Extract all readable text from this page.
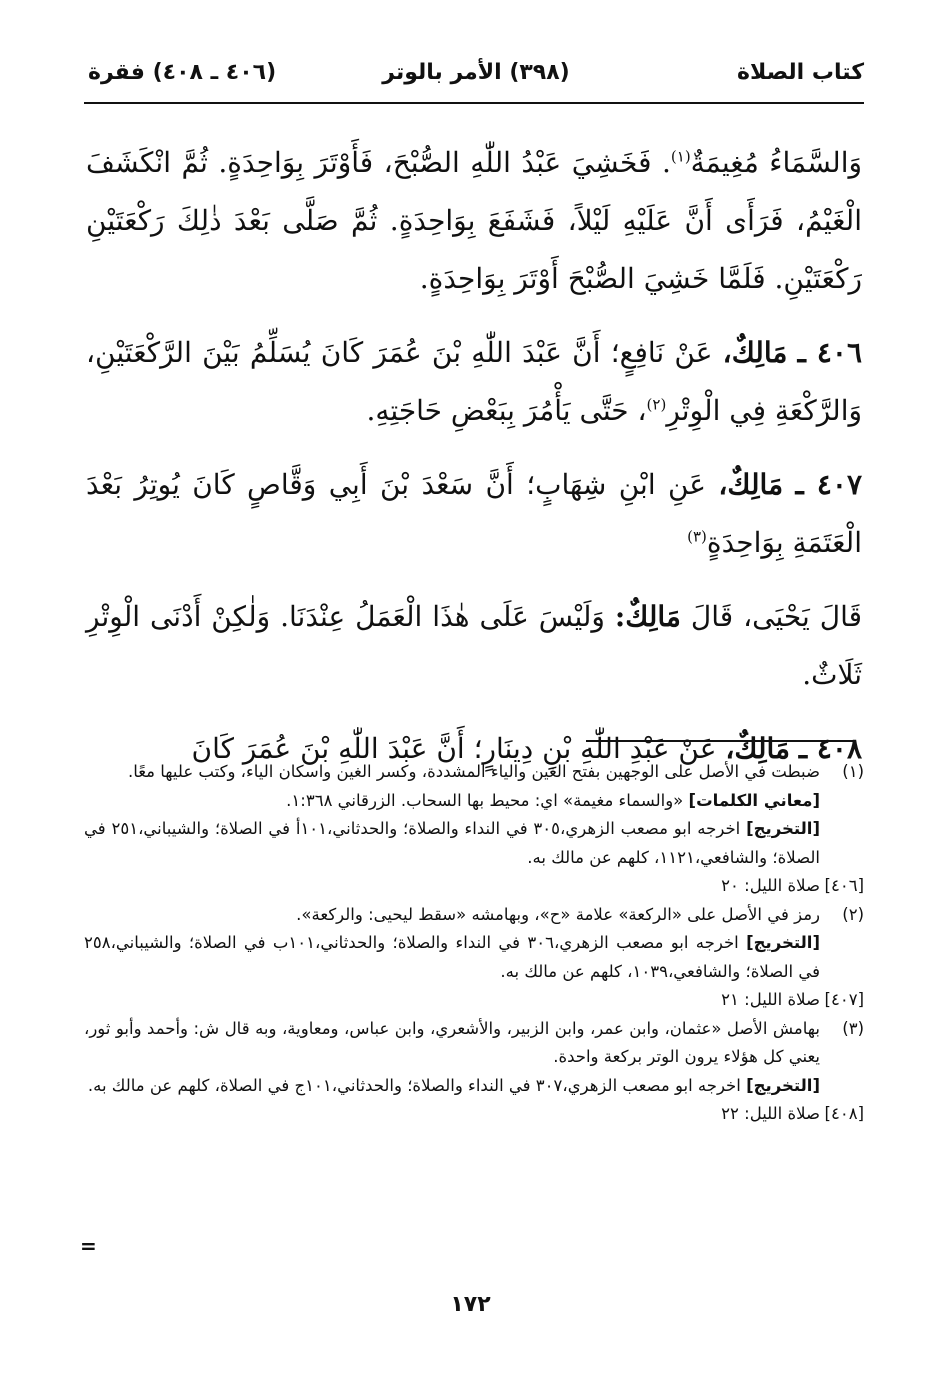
كتاب الصلاة
(٣٩٨) الأمر بالوتر
(٤٠٦ ـ ٤٠٨) فقرة

وَالسَّمَاءُ مُغِيمَةٌ$^{(١)}$. فَخَشِيَ عَبْدُ اللّٰهِ الصُّبْحَ، فَأَوْتَرَ بِوَاحِدَةٍ. ثُمَّ انْكَشَفَ الْغَيْمُ، فَرَأَى أَنَّ عَلَيْهِ لَيْلاً، فَشَفَعَ بِوَاحِدَةٍ. ثُمَّ صَلَّى بَعْدَ ذٰلِكَ رَكْعَتَيْنِ رَكْعَتَيْنِ. فَلَمَّا خَشِيَ الصُّبْحَ أَوْتَرَ بِوَاحِدَةٍ.

٤٠٦ ـ مَالِكٌ، عَنْ نَافِعٍ؛ أَنَّ عَبْدَ اللّٰهِ بْنَ عُمَرَ كَانَ يُسَلِّمُ بَيْنَ الرَّكْعَتَيْنِ، وَالرَّكْعَةِ فِي الْوِتْرِ$^{(٢)}$، حَتَّى يَأْمُرَ بِبَعْضِ حَاجَتِهِ.

٤٠٧ ـ مَالِكٌ، عَنِ ابْنِ شِهَابٍ؛ أَنَّ سَعْدَ بْنَ أَبِي وَقَّاصٍ كَانَ يُوتِرُ بَعْدَ الْعَتَمَةِ بِوَاحِدَةٍ$^{(٣)}$

قَالَ يَحْيَى، قَالَ مَالِكٌ: وَلَيْسَ عَلَى هٰذَا الْعَمَلُ عِنْدَنَا. وَلٰكِنْ أَدْنَى الْوِتْرِ ثَلَاثٌ.

٤٠٨ ـ مَالِكٌ، عَنْ عَبْدِ اللّٰهِ بْنِ دِينَارٍ؛ أَنَّ عَبْدَ اللّٰهِ بْنَ عُمَرَ كَانَ

(١)

ضبطت في الأصل على الوجهين بفتح الغين والياء المشددة، وكسر الغين واسكان الياء، وكتب عليها معًا.

[معاني الكلمات] «والسماء مغيمة» اي: محيط بها السحاب. الزرقاني ١:٣٦٨.

[التخريج] اخرجه ابو مصعب الزهري،٣٠٥ في النداء والصلاة؛ والحدثاني،١٠١أ في الصلاة؛ والشيباني،٢٥١ في الصلاة؛ والشافعي،١١٢١، كلهم عن مالك به.

[٤٠٦]
صلاة الليل: ٢٠
(٢)

رمز في الأصل على «الركعة» علامة «ح»، وبهامشه «سقط ليحيى: والركعة».

[التخريج] اخرجه ابو مصعب الزهري،٣٠٦ في النداء والصلاة؛ والحدثاني،١٠١ب في الصلاة؛ والشيباني،٢٥٨ في الصلاة؛ والشافعي،١٠٣٩، كلهم عن مالك به.

[٤٠٧]
صلاة الليل: ٢١
(٣)

بهامش الأصل «عثمان، وابن عمر، وابن الزبير، والأشعري، وابن عباس، ومعاوية، وبه قال ش: وأحمد وأبو ثور، يعني كل هؤلاء يرون الوتر بركعة واحدة.

[التخريج] اخرجه ابو مصعب الزهري،٣٠٧ في النداء والصلاة؛ والحدثاني،١٠١ج في الصلاة، كلهم عن مالك به.

[٤٠٨]
صلاة الليل: ٢٢
=
١٧٢
